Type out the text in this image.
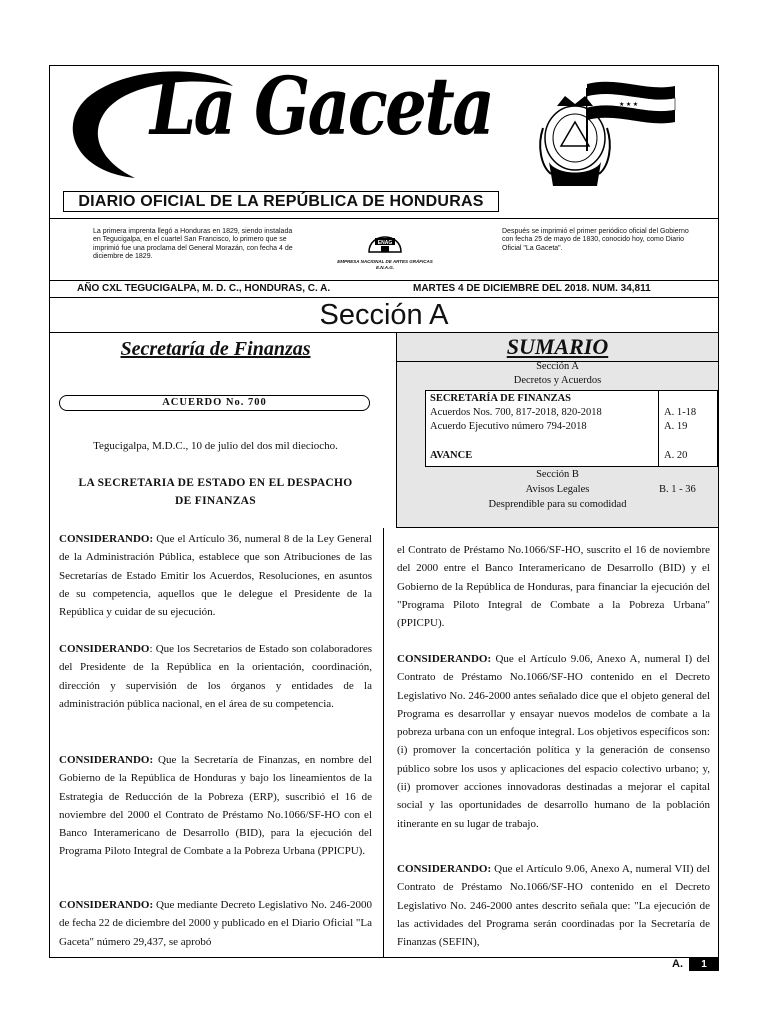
La Gaceta	★ ★ ★
DIARIO OFICIAL DE LA REPÚBLICA DE HONDURAS
La primera imprenta llegó a Honduras en 1829, siendo instalada en Tegucigalpa, en el cuartel San Francisco, lo primero que se imprimió fue una proclama del General Morazán, con fecha 4 de diciembre de 1829.
Después se imprimió el primer periódico oficial del Gobierno con fecha 25 de mayo de 1830, conocido hoy, como Diario Oficial "La Gaceta".
ENAG
EMPRESA NACIONAL DE ARTES GRÁFICAS
E.N.A.G.
AÑO CXL TEGUCIGALPA, M. D. C., HONDURAS, C. A.	MARTES 4 DE DICIEMBRE DEL 2018. NUM. 34,811
Sección A
Secretaría de Finanzas
ACUERDO No. 700
Tegucigalpa, M.D.C., 10 de julio del dos mil dieciocho.
LA SECRETARIA DE ESTADO EN EL DESPACHO
DE FINANZAS

CONSIDERANDO: Que el Artículo 36, numeral 8 de la Ley General de la Administración Pública, establece que son Atribuciones de las Secretarías de Estado Emitir los Acuerdos, Resoluciones, en asuntos de su competencia, aquellos que le delegue el Presidente de la República y cuidar de su ejecución.

CONSIDERANDO: Que los Secretarios de Estado son colaboradores del Presidente de la República en la orientación, coordinación, dirección y supervisión de los órganos y entidades de la administración pública nacional, en el área de su competencia.

CONSIDERANDO: Que la Secretaría de Finanzas, en nombre del Gobierno de la República de Honduras y bajo los lineamientos de la Estrategia de Reducción de la Pobreza (ERP), suscribió el 16 de noviembre del 2000 el Contrato de Préstamo No.1066/SF-HO con el Banco Interamericano de Desarrollo (BID), para la ejecución del Programa Piloto Integral de Combate a la Pobreza Urbana (PPICPU).

CONSIDERANDO: Que mediante Decreto Legislativo No. 246-2000 de fecha 22 de diciembre del 2000 y publicado en el Diario Oficial "La Gaceta" número 29,437, se aprobó

SUMARIO
Sección A
Decretos y Acuerdos
SECRETARÍA DE FINANZAS
Acuerdos Nos. 700, 817-2018, 820-2018	A. 1-18
Acuerdo Ejecutivo número 794-2018	A. 19
AVANCE	A. 20
Sección B
Avisos Legales	B. 1 - 36
Desprendible para su comodidad

el Contrato de Préstamo No.1066/SF-HO, suscrito el 16 de noviembre del 2000 entre el Banco Interamericano de Desarrollo (BID) y el Gobierno de la República de Honduras, para financiar la ejecución del "Programa Piloto Integral de Combate a la Pobreza Urbana" (PPICPU).

CONSIDERANDO: Que el Artículo 9.06, Anexo A, numeral I) del Contrato de Préstamo No.1066/SF-HO contenido en el Decreto Legislativo No. 246-2000 antes señalado dice que el objeto general del Programa es desarrollar y ensayar nuevos modelos de combate a la pobreza urbana con un enfoque integral. Los objetivos específicos son: (i) promover la concertación política y la generación de consenso público sobre los usos y aplicaciones del espacio colectivo urbano; y, (ii) promover acciones innovadoras destinadas a mejorar el capital social y las oportunidades de desarrollo humano de la población itinerante en su lugar de trabajo.

CONSIDERANDO: Que el Artículo 9.06, Anexo A, numeral VII) del Contrato de Préstamo No.1066/SF-HO contenido en el Decreto Legislativo No. 246-2000 antes descrito señala que: "La ejecución de las actividades del Programa serán coordinadas por la Secretaría de Finanzas (SEFIN),

A.	1
